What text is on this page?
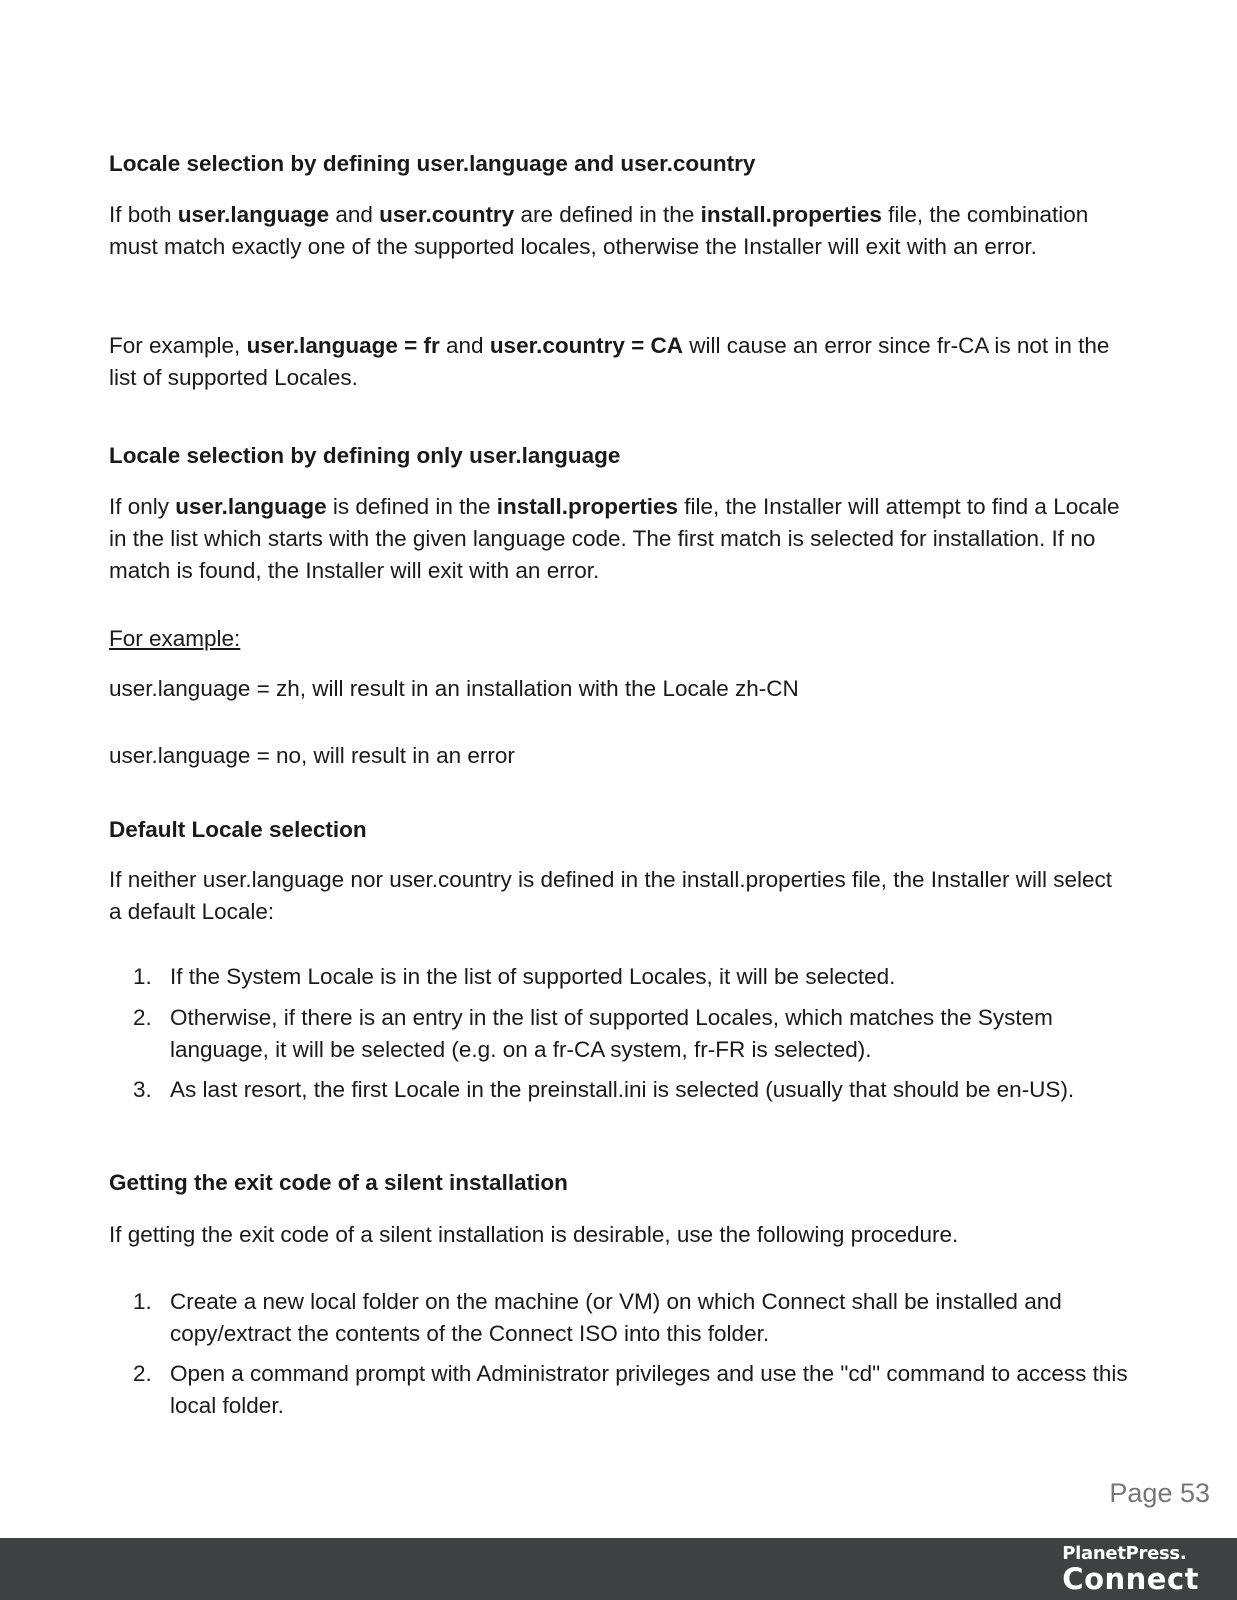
Locale selection by defining user.language and user.country
If both user.language and user.country are defined in the install.properties file, the combination must match exactly one of the supported locales, otherwise the Installer will exit with an error.
For example, user.language = fr and user.country = CA will cause an error since fr-CA is not in the list of supported Locales.
Locale selection by defining only user.language
If only user.language is defined in the install.properties file, the Installer will attempt to find a Locale in the list which starts with the given language code. The first match is selected for installation. If no match is found, the Installer will exit with an error.
For example:
user.language = zh, will result in an installation with the Locale zh-CN
user.language = no, will result in an error
Default Locale selection
If neither user.language nor user.country is defined in the install.properties file, the Installer will select a default Locale:
1. If the System Locale is in the list of supported Locales, it will be selected.
2. Otherwise, if there is an entry in the list of supported Locales, which matches the System language, it will be selected (e.g. on a fr-CA system, fr-FR is selected).
3. As last resort, the first Locale in the preinstall.ini is selected (usually that should be en-US).
Getting the exit code of a silent installation
If getting the exit code of a silent installation is desirable, use the following procedure.
1. Create a new local folder on the machine (or VM) on which Connect shall be installed and copy/extract the contents of the Connect ISO into this folder.
2. Open a command prompt with Administrator privileges and use the "cd" command to access this local folder.
Page 53
PlanetPress.
Connect
